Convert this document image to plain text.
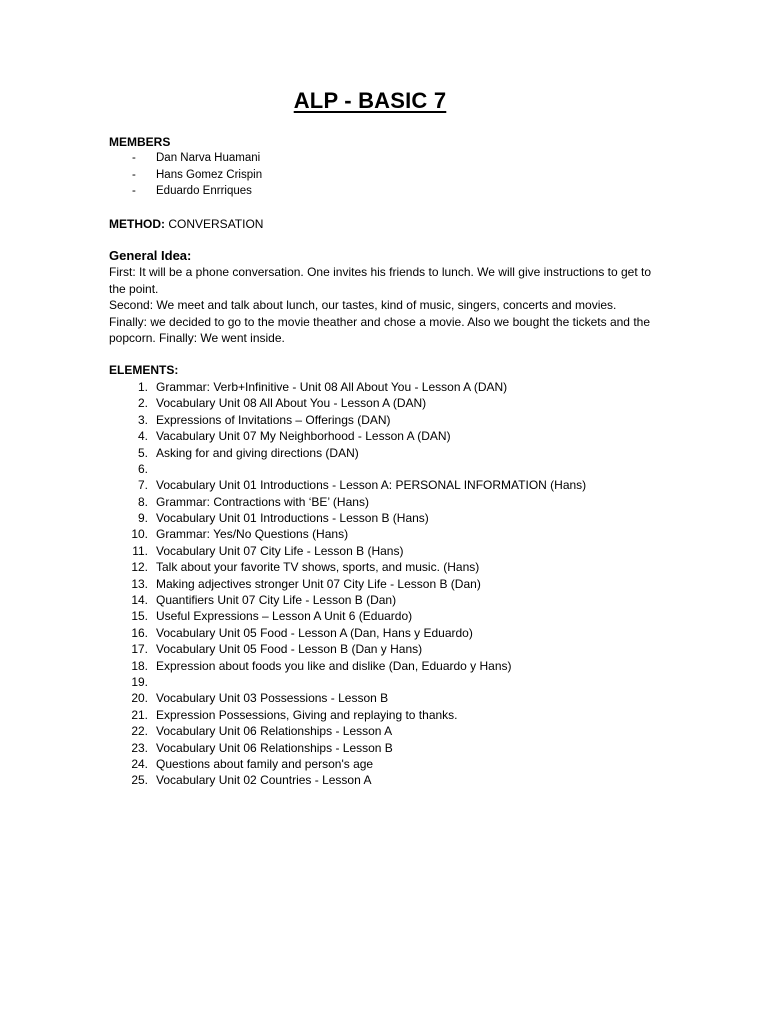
ALP - BASIC 7
MEMBERS
- Dan Narva Huamani
- Hans Gomez Crispin
- Eduardo Enrriques
METHOD: CONVERSATION
General Idea:

First: It will be a phone conversation. One invites his friends to lunch. We will give instructions to get to the point.

Second: We meet and talk about lunch, our tastes, kind of music, singers, concerts and movies.

Finally: we decided to go to the movie theather and chose a movie. Also we bought the tickets and the popcorn. Finally: We went inside.

ELEMENTS:
1. Grammar: Verb+Infinitive - Unit 08 All About You - Lesson A (DAN)
2. Vocabulary Unit 08 All About You - Lesson A (DAN)
3. Expressions of Invitations – Offerings (DAN)
4. Vacabulary Unit 07 My Neighborhood - Lesson A (DAN)
5. Asking for and giving directions (DAN)
6.
7. Vocabulary Unit 01 Introductions - Lesson A: PERSONAL INFORMATION (Hans)
8. Grammar: Contractions with ‘BE’ (Hans)
9. Vocabulary Unit 01 Introductions - Lesson B (Hans)
10. Grammar: Yes/No Questions (Hans)
11. Vocabulary Unit 07 City Life - Lesson B (Hans)
12. Talk about your favorite TV shows, sports, and music. (Hans)
13. Making adjectives stronger Unit 07 City Life - Lesson B (Dan)
14. Quantifiers Unit 07 City Life - Lesson B (Dan)
15. Useful Expressions – Lesson A Unit 6 (Eduardo)
16. Vocabulary Unit 05 Food - Lesson A (Dan, Hans y Eduardo)
17. Vocabulary Unit 05 Food - Lesson B (Dan y Hans)
18. Expression about foods you like and dislike (Dan, Eduardo y Hans)
19.
20. Vocabulary Unit 03 Possessions - Lesson B
21. Expression Possessions, Giving and replaying to thanks.
22. Vocabulary Unit 06 Relationships - Lesson A
23. Vocabulary Unit 06 Relationships - Lesson B
24. Questions about family and person's age
25. Vocabulary Unit 02 Countries - Lesson A
